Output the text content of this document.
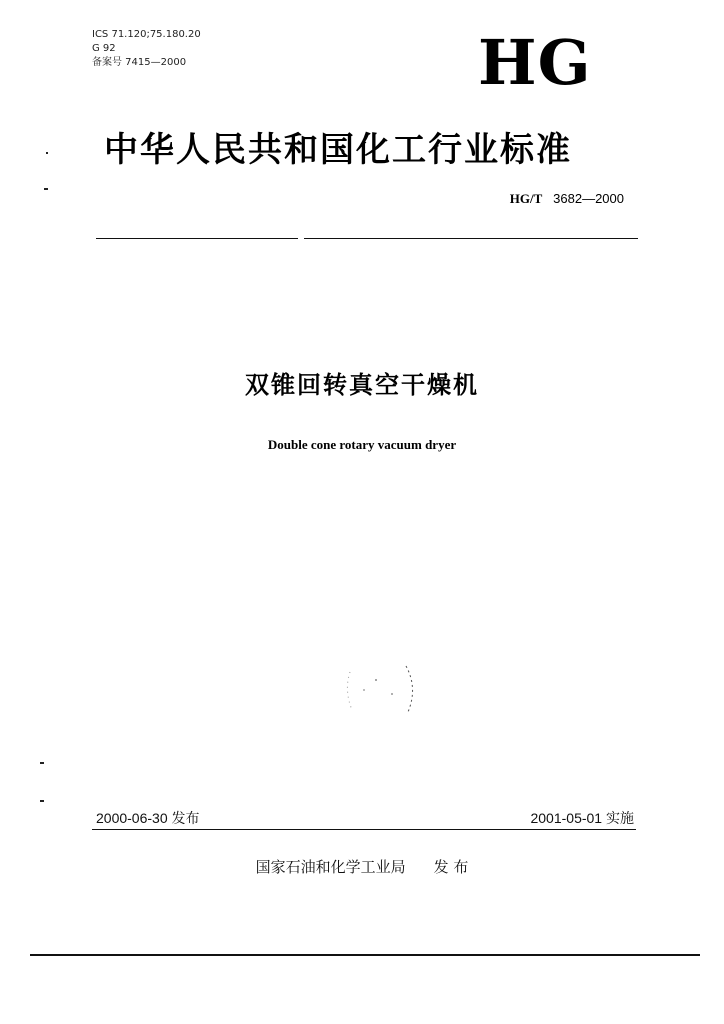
ICS 71.120;75.180.20
G 92
备案号 7415—2000	HG
中华人民共和国化工行业标准
HG/T 3682—2000
双锥回转真空干燥机
Double cone rotary vacuum dryer
2000-06-30 发布	2001-05-01 实施
国家石油和化学工业局 发 布
